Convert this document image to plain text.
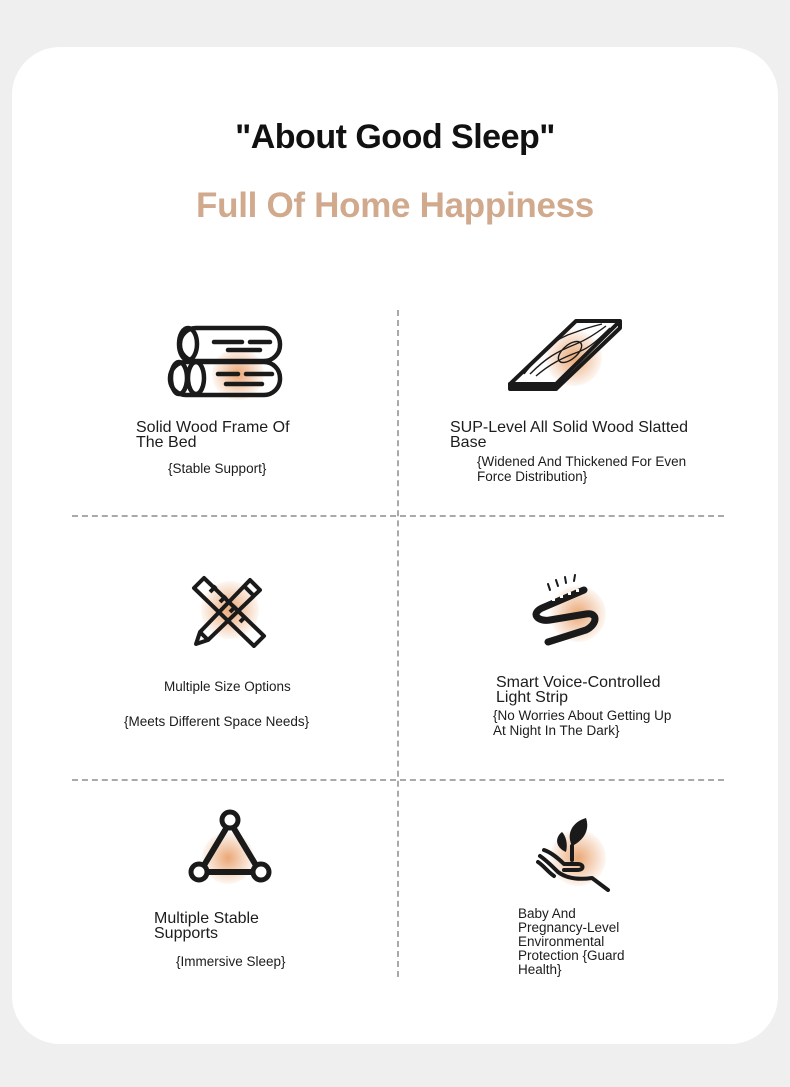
"About Good Sleep"
Full Of Home Happiness
Solid Wood Frame Of The Bed
{Stable Support}
SUP-Level All Solid Wood Slatted Base
{Widened And Thickened For Even Force Distribution}
Multiple Size Options
{Meets Different Space Needs}
Smart Voice-Controlled Light Strip
{No Worries About Getting Up At Night In The Dark}
Multiple Stable Supports
{Immersive Sleep}
Baby And Pregnancy-Level Environmental Protection {Guard Health}
